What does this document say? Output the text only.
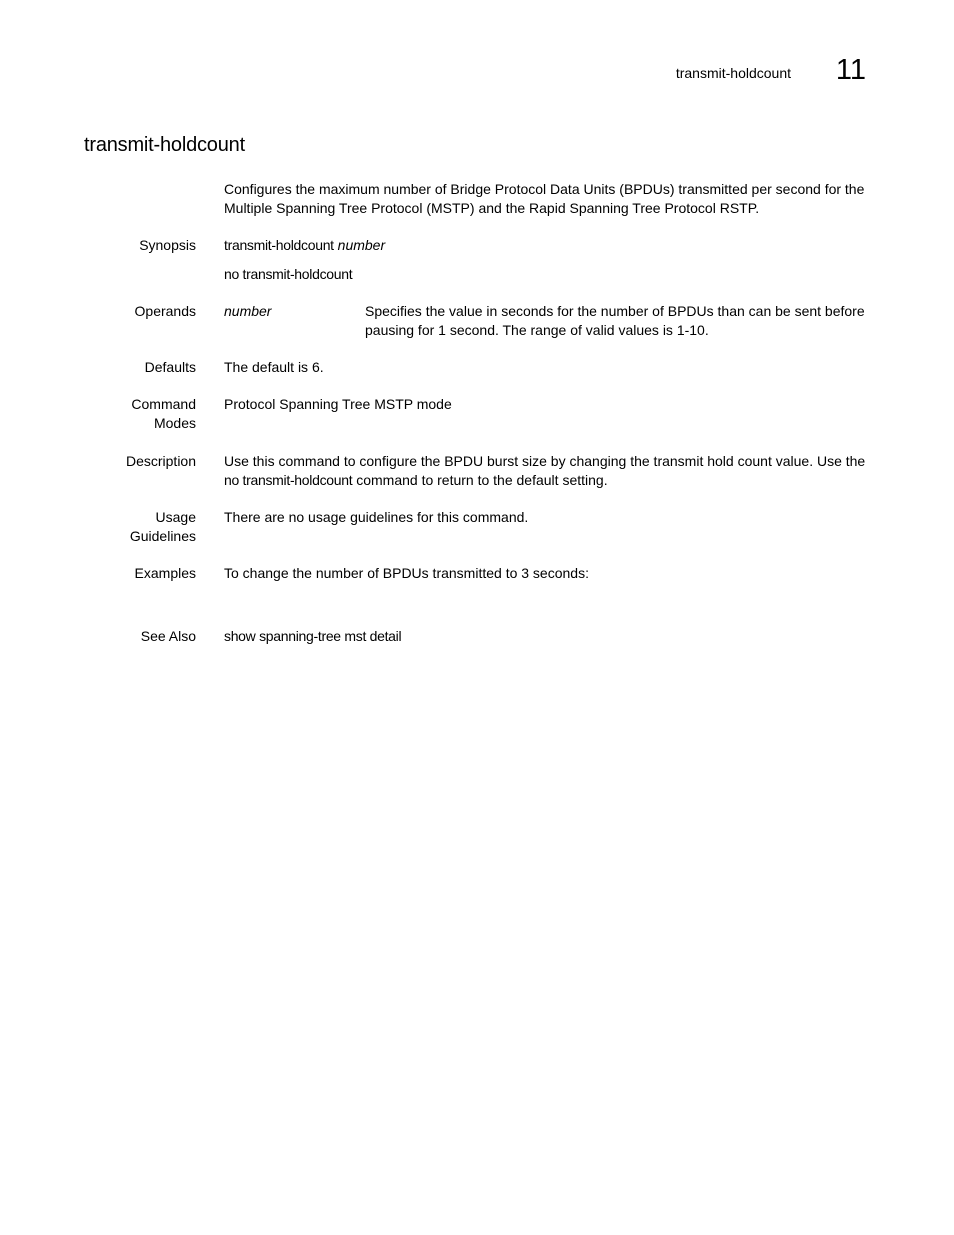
transmit-holdcount 11
transmit-holdcount
Configures the maximum number of Bridge Protocol Data Units (BPDUs) transmitted per second for the Multiple Spanning Tree Protocol (MSTP) and the Rapid Spanning Tree Protocol RSTP.
Synopsis transmit-holdcount number

no transmit-holdcount

Operands number	Specifies the value in seconds for the number of BPDUs than can be sent before pausing for 1 second. The range of valid values is 1-10.
Defaults The default is 6.
Command
Modes
Protocol Spanning Tree MSTP mode
Description Use this command to configure the BPDU burst size by changing the transmit hold count value. Use the no transmit-holdcount command to return to the default setting.
Usage
Guidelines
There are no usage guidelines for this command.
Examples To change the number of BPDUs transmitted to 3 seconds:
See Also show spanning-tree mst detail
